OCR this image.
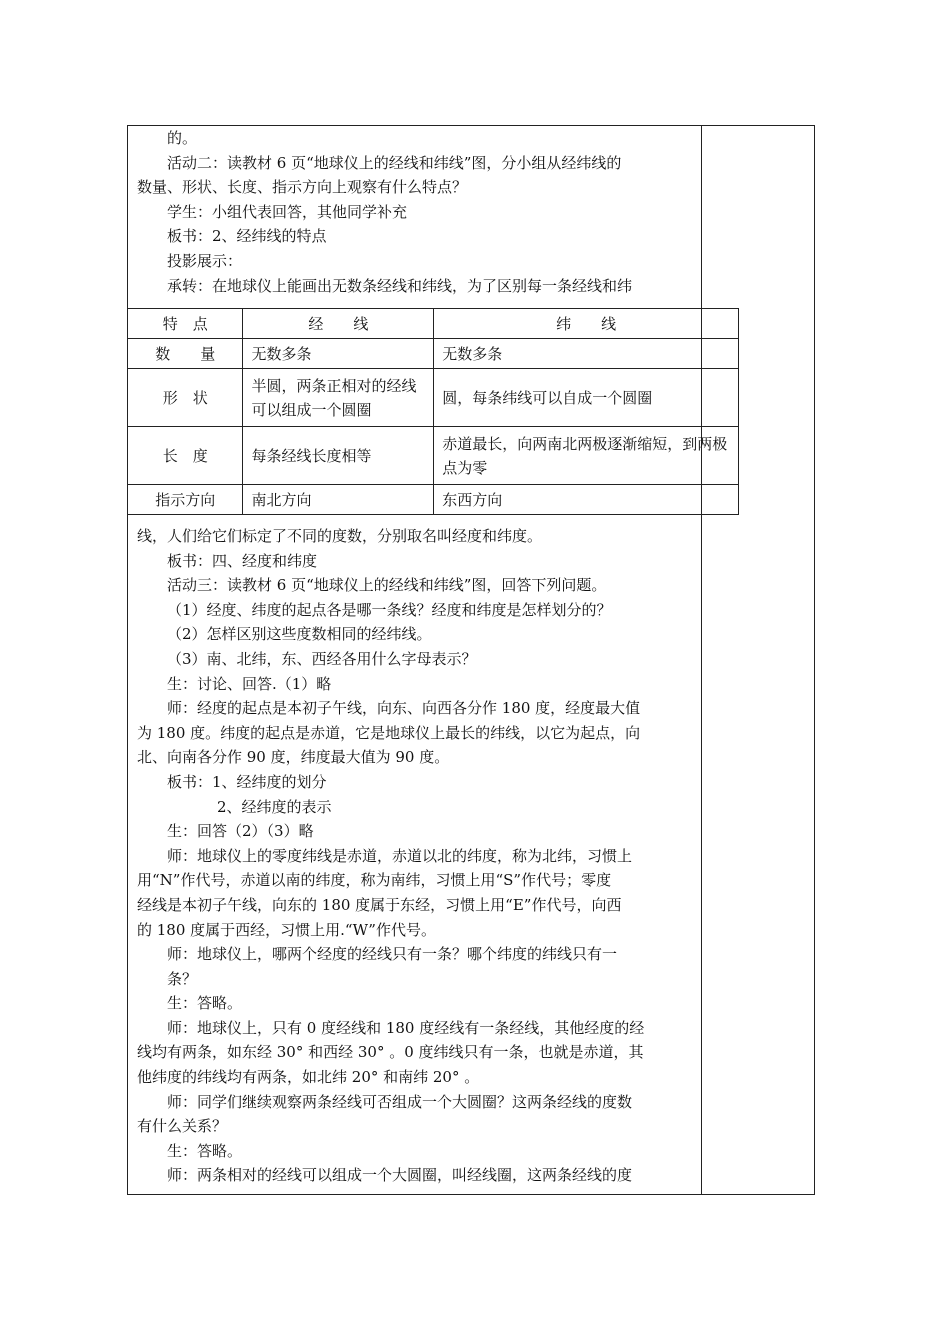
的。

活动二：读教材 6 页“地球仪上的经线和纬线”图，分小组从经纬线的

数量、形状、长度、指示方向上观察有什么特点？

学生：小组代表回答，其他同学补充

板书：2、经纬线的特点

投影展示：

承转：在地球仪上能画出无数条经线和纬线，为了区别每一条经线和纬

特　点	经　　线	纬　　线
数　　量	无数多条	无数多条
形　状	半圆，两条正相对的经线可以组成一个圆圈	圆，每条纬线可以自成一个圆圈
长　度	每条经线长度相等	赤道最长，向两南北两极逐渐缩短，到两极点为零
指示方向	南北方向	东西方向

线，人们给它们标定了不同的度数，分别取名叫经度和纬度。

板书：四、经度和纬度

活动三：读教材 6 页“地球仪上的经线和纬线”图，回答下列问题。

（1）经度、纬度的起点各是哪一条线？经度和纬度是怎样划分的？

（2）怎样区别这些度数相同的经纬线。

（3）南、北纬，东、西经各用什么字母表示？

生：讨论、回答.（1）略

师：经度的起点是本初子午线，向东、向西各分作 180 度，经度最大值

为 180 度。纬度的起点是赤道，它是地球仪上最长的纬线，以它为起点，向

北、向南各分作 90 度，纬度最大值为 90 度。

板书：1、经纬度的划分

2、经纬度的表示

生：回答（2）（3）略

师：地球仪上的零度纬线是赤道，赤道以北的纬度，称为北纬，习惯上

用“N”作代号，赤道以南的纬度，称为南纬，习惯上用“S”作代号；零度

经线是本初子午线，向东的 180 度属于东经，习惯上用“E”作代号，向西

的 180 度属于西经，习惯上用.“W”作代号。

师：地球仪上，哪两个经度的经线只有一条？哪个纬度的纬线只有一

条？

生：答略。

师：地球仪上，只有 0 度经线和 180 度经线有一条经线，其他经度的经

线均有两条，如东经 30° 和西经 30° 。0 度纬线只有一条，也就是赤道，其

他纬度的纬线均有两条，如北纬 20° 和南纬 20° 。

师：同学们继续观察两条经线可否组成一个大圆圈？这两条经线的度数

有什么关系？

生：答略。

师：两条相对的经线可以组成一个大圆圈，叫经线圈，这两条经线的度
